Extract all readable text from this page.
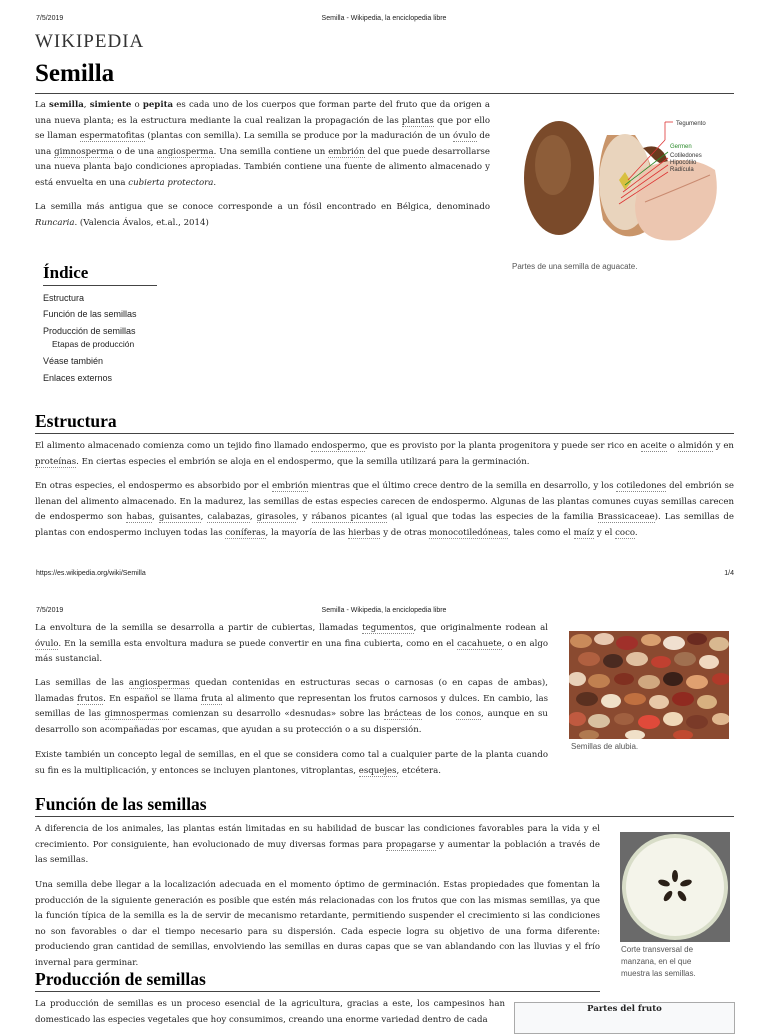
7/5/2019	Semilla - Wikipedia, la enciclopedia libre
WIKIPEDIA
Semilla

La semilla, simiente o pepita es cada uno de los cuerpos que forman parte del fruto que da origen a una nueva planta; es la estructura mediante la cual realizan la propagación de las plantas que por ello se llaman espermatofitas (plantas con semilla). La semilla se produce por la maduración de un óvulo de una gimnosperma o de una angiosperma. Una semilla contiene un embrión del que puede desarrollarse una nueva planta bajo condiciones apropiadas. También contiene una fuente de alimento almacenado y está envuelta en una cubierta protectora.

La semilla más antigua que se conoce corresponde a un fósil encontrado en Bélgica, denominado Runcaria. (Valencia Ávalos, et.al., 2014)

Tegumento
Germen
Cotiledones
Hipocótilo
Radícula
Partes de una semilla de aguacate.
Índice
Estructura
Función de las semillas
Producción de semillas
Etapas de producción
Véase también
Enlaces externos
Estructura

El alimento almacenado comienza como un tejido fino llamado endospermo, que es provisto por la planta progenitora y puede ser rico en aceite o almidón y en proteínas. En ciertas especies el embrión se aloja en el endospermo, que la semilla utilizará para la germinación.

En otras especies, el endospermo es absorbido por el embrión mientras que el último crece dentro de la semilla en desarrollo, y los cotiledones del embrión se llenan del alimento almacenado. En la madurez, las semillas de estas especies carecen de endospermo. Algunas de las plantas comunes cuyas semillas carecen de endospermo son habas, guisantes, calabazas, girasoles, y rábanos picantes (al igual que todas las especies de la familia Brassicaceae). Las semillas de plantas con endospermo incluyen todas las coníferas, la mayoría de las hierbas y de otras monocotiledóneas, tales como el maíz y el coco.

https://es.wikipedia.org/wiki/Semilla	1/4
7/5/2019	Semilla - Wikipedia, la enciclopedia libre

La envoltura de la semilla se desarrolla a partir de cubiertas, llamadas tegumentos, que originalmente rodean al óvulo. En la semilla esta envoltura madura se puede convertir en una fina cubierta, como en el cacahuete, o en algo más sustancial.

Las semillas de las angiospermas quedan contenidas en estructuras secas o carnosas (o en capas de ambas), llamadas frutos. En español se llama fruta al alimento que representan los frutos carnosos y dulces. En cambio, las semillas de las gimnospermas comienzan su desarrollo «desnudas» sobre las brácteas de los conos, aunque en su desarrollo son acompañadas por escamas, que ayudan a su protección o a su dispersión.

Existe también un concepto legal de semillas, en el que se considera como tal a cualquier parte de la planta cuando su fin es la multiplicación, y entonces se incluyen plantones, vitroplantas, esquejes, etcétera.

Semillas de alubia.
Función de las semillas

A diferencia de los animales, las plantas están limitadas en su habilidad de buscar las condiciones favorables para la vida y el crecimiento. Por consiguiente, han evolucionado de muy diversas formas para propagarse y aumentar la población a través de las semillas.

Una semilla debe llegar a la localización adecuada en el momento óptimo de germinación. Estas propiedades que fomentan la producción de la siguiente generación es posible que estén más relacionadas con los frutos que con las mismas semillas, ya que la función típica de la semilla es la de servir de mecanismo retardante, permitiendo suspender el crecimiento si las condiciones no son favorables o dar el tiempo necesario para su dispersión. Cada especie logra su objetivo de una forma diferente: produciendo gran cantidad de semillas, envolviendo las semillas en duras capas que se van ablandando con las lluvias y el frío invernal para germinar.

Corte transversal de manzana, en el que muestra las semillas.
Producción de semillas

La producción de semillas es un proceso esencial de la agricultura, gracias a este, los campesinos han domesticado las especies vegetales que hoy consumimos, creando una enorme variedad dentro de cada

Partes del fruto
